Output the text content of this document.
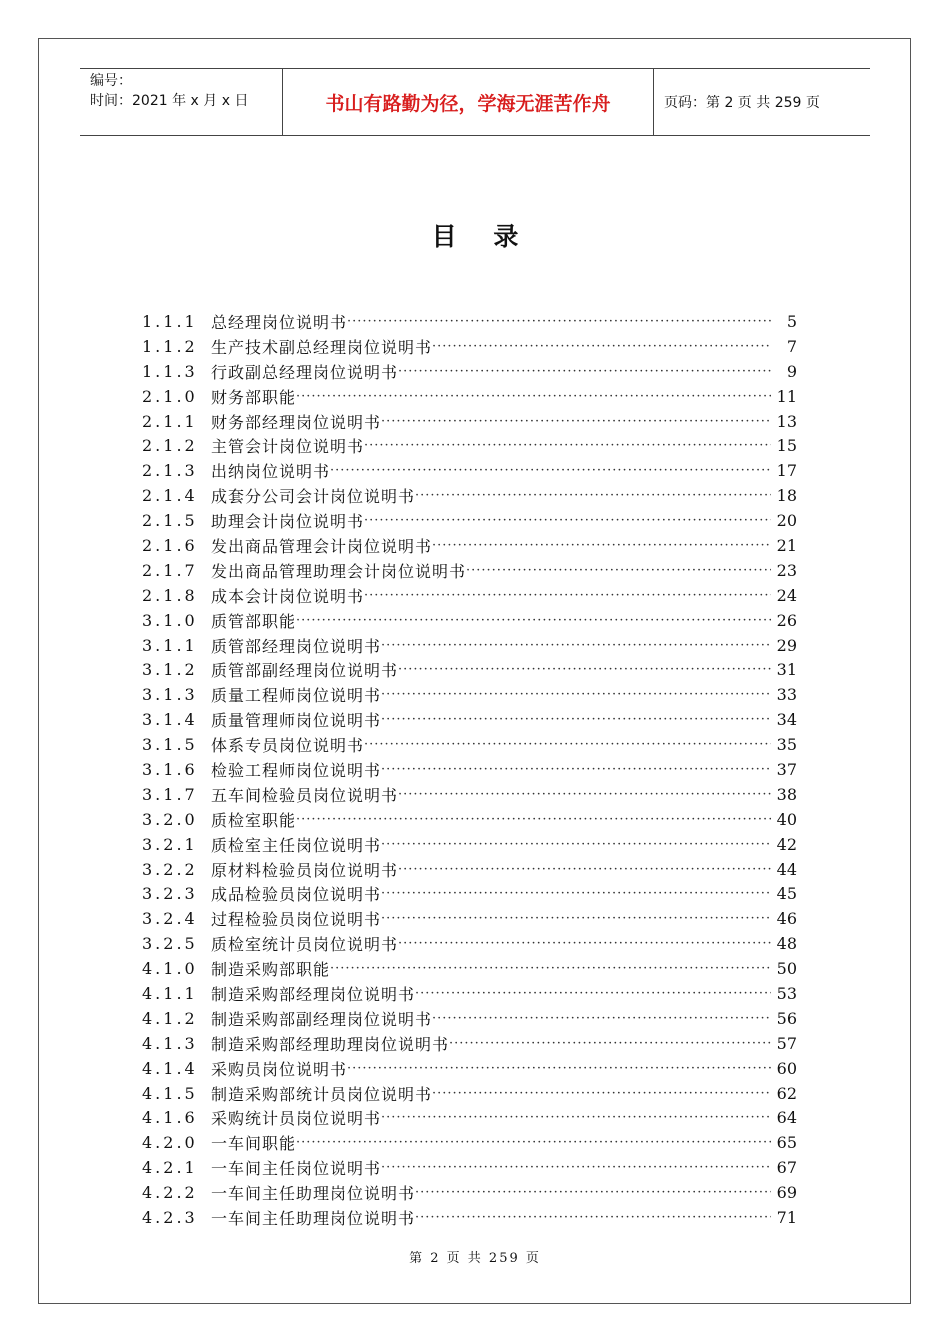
编号：
时间：2021 年 x 月 x 日	书山有路勤为径，学海无涯苦作舟	页码：第 2 页 共 259 页
目 录
1.1.1 总经理岗位说明书 ·····	5
1.1.2 生产技术副总经理岗位说明书 ·····	7
1.1.3 行政副总经理岗位说明书 ·····	9
2.1.0 财务部职能 ·····	11
2.1.1 财务部经理岗位说明书 ·····	13
2.1.2 主管会计岗位说明书 ·····	15
2.1.3 出纳岗位说明书 ·····	17
2.1.4 成套分公司会计岗位说明书 ·····	18
2.1.5 助理会计岗位说明书 ·····	20
2.1.6 发出商品管理会计岗位说明书 ·····	21
2.1.7 发出商品管理助理会计岗位说明书 ·····	23
2.1.8 成本会计岗位说明书 ·····	24
3.1.0 质管部职能 ·····	26
3.1.1 质管部经理岗位说明书 ·····	29
3.1.2 质管部副经理岗位说明书 ·····	31
3.1.3 质量工程师岗位说明书 ·····	33
3.1.4 质量管理师岗位说明书 ·····	34
3.1.5 体系专员岗位说明书 ·····	35
3.1.6 检验工程师岗位说明书 ·····	37
3.1.7 五车间检验员岗位说明书 ·····	38
3.2.0 质检室职能 ·····	40
3.2.1 质检室主任岗位说明书 ·····	42
3.2.2 原材料检验员岗位说明书 ·····	44
3.2.3 成品检验员岗位说明书 ·····	45
3.2.4 过程检验员岗位说明书 ·····	46
3.2.5 质检室统计员岗位说明书 ·····	48
4.1.0 制造采购部职能 ·····	50
4.1.1 制造采购部经理岗位说明书 ·····	53
4.1.2 制造采购部副经理岗位说明书 ·····	56
4.1.3 制造采购部经理助理岗位说明书 ·····	57
4.1.4 采购员岗位说明书 ·····	60
4.1.5 制造采购部统计员岗位说明书 ·····	62
4.1.6 采购统计员岗位说明书 ·····	64
4.2.0 一车间职能 ·····	65
4.2.1 一车间主任岗位说明书 ·····	67
4.2.2 一车间主任助理岗位说明书 ·····	69
4.2.3 一车间主任助理岗位说明书 ·····	71
第 2 页 共 259 页
